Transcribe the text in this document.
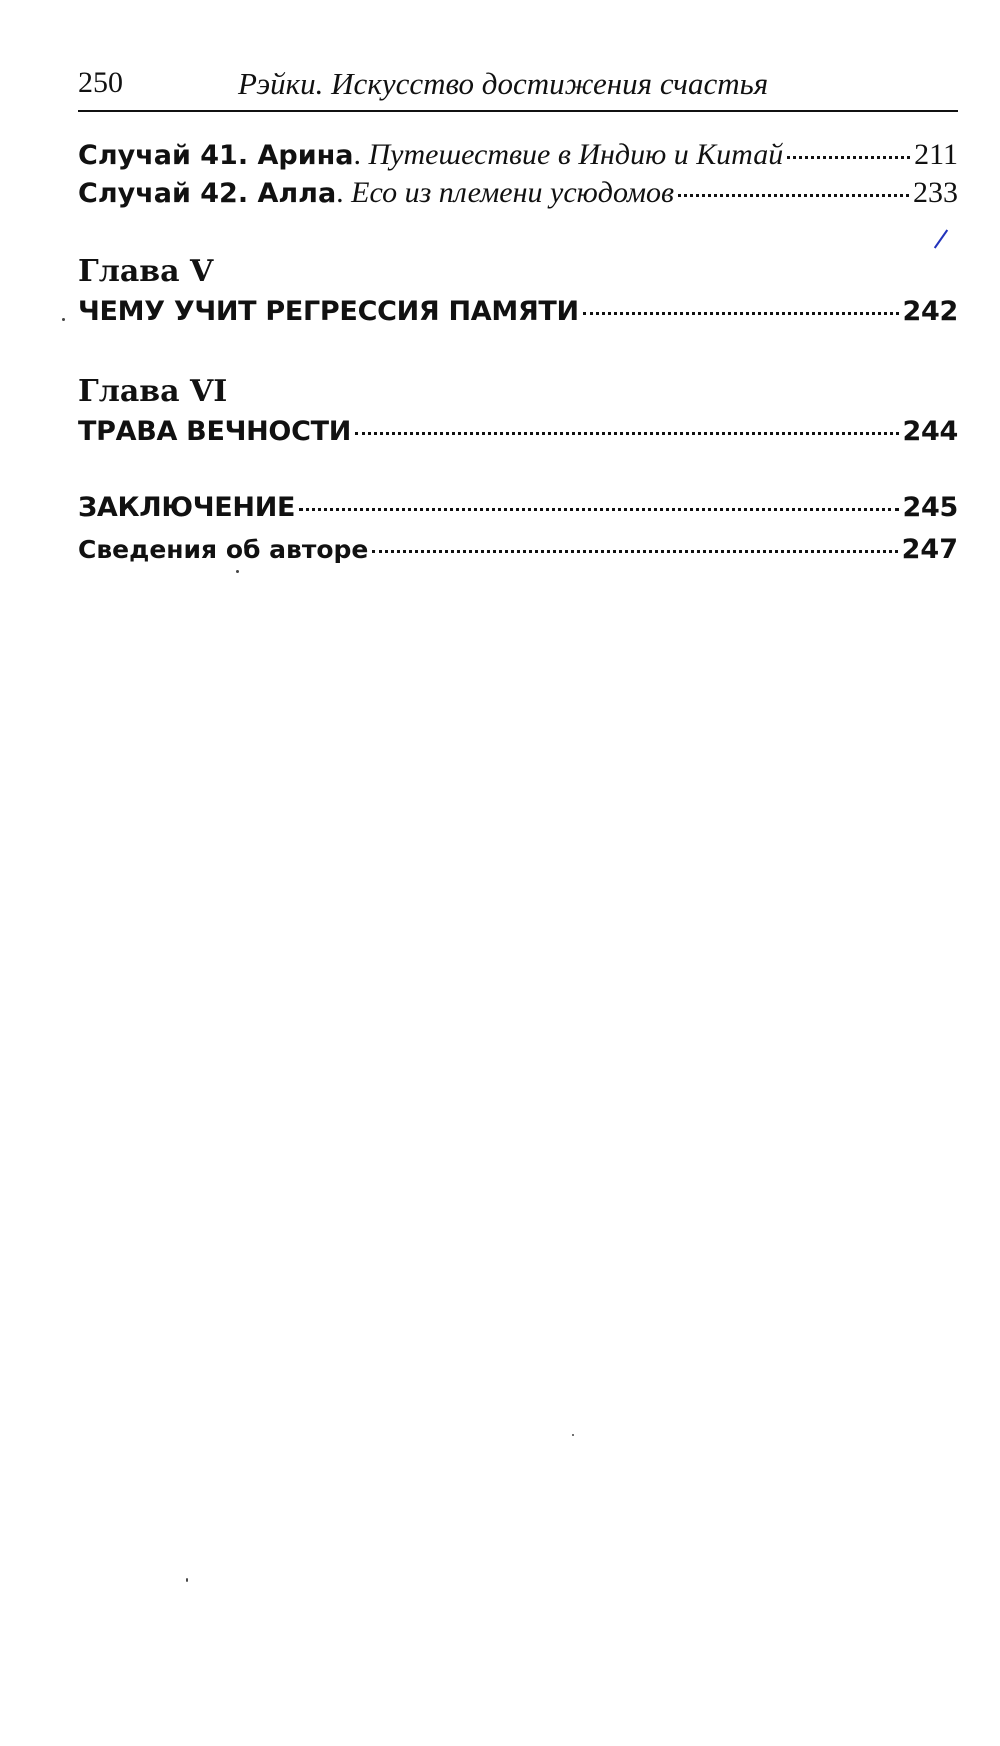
250	Рэйки. Искусство достижения счастья
Случай 41. Арина. Путешествие в Индию и Китай	211
Случай 42. Алла. Есо из племени усюдомов	233
Глава V
ЧЕМУ УЧИТ РЕГРЕССИЯ ПАМЯТИ	242
Глава VI
ТРАВА ВЕЧНОСТИ	244
ЗАКЛЮЧЕНИЕ	245
Сведения об авторе	247
